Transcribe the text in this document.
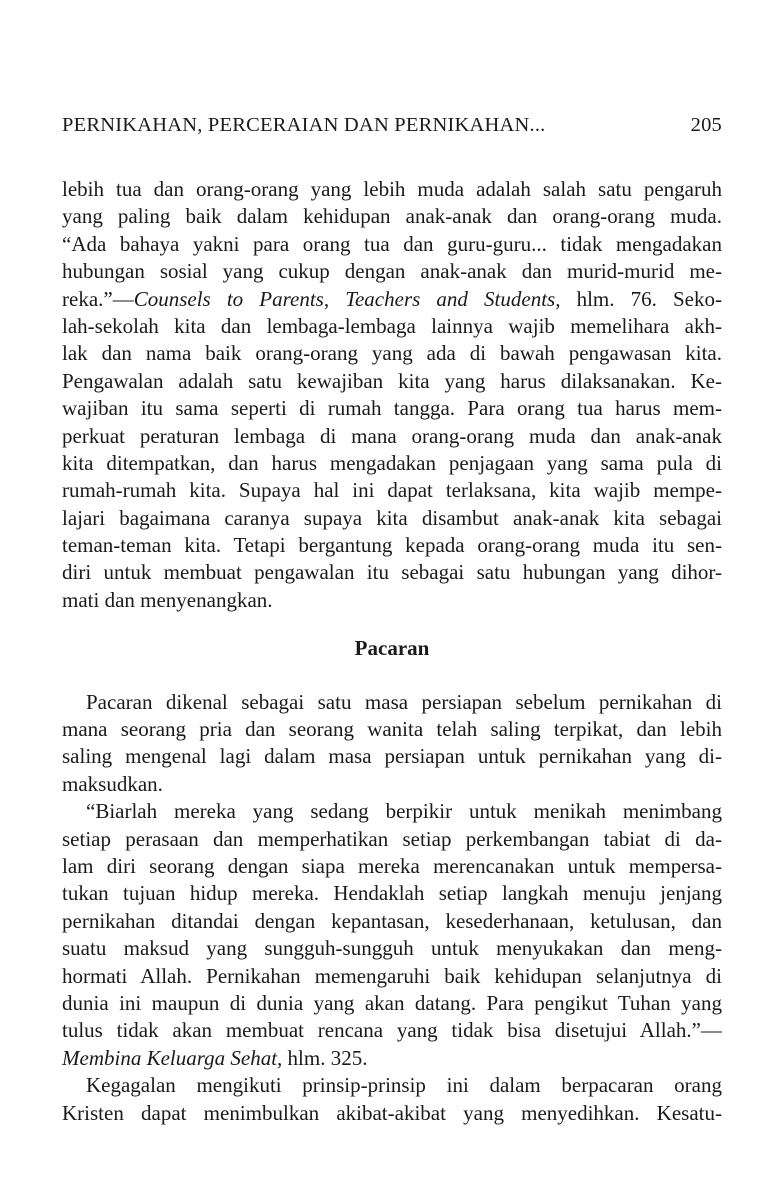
PERNIKAHAN, PERCERAIAN DAN PERNIKAHAN...	205
lebih tua dan orang-orang yang lebih muda adalah salah satu pengaruh
yang paling baik dalam kehidupan anak-anak dan orang-orang muda.
“Ada bahaya yakni para orang tua dan guru-guru... tidak mengadakan
hubungan sosial yang cukup dengan anak-anak dan murid-murid me-
reka.”—Counsels to Parents, Teachers and Students, hlm. 76. Seko-
lah-sekolah kita dan lembaga-lembaga lainnya wajib memelihara akh-
lak dan nama baik orang-orang yang ada di bawah pengawasan kita.
Pengawalan adalah satu kewajiban kita yang harus dilaksanakan. Ke-
wajiban itu sama seperti di rumah tangga. Para orang tua harus mem-
perkuat peraturan lembaga di mana orang-orang muda dan anak-anak
kita ditempatkan, dan harus mengadakan penjagaan yang sama pula di
rumah-rumah kita. Supaya hal ini dapat terlaksana, kita wajib mempe-
lajari bagaimana caranya supaya kita disambut anak-anak kita sebagai
teman-teman kita. Tetapi bergantung kepada orang-orang muda itu sen-
diri untuk membuat pengawalan itu sebagai satu hubungan yang dihor-
mati dan menyenangkan.
Pacaran
Pacaran dikenal sebagai satu masa persiapan sebelum pernikahan di
mana seorang pria dan seorang wanita telah saling terpikat, dan lebih
saling mengenal lagi dalam masa persiapan untuk pernikahan yang di-
maksudkan.
“Biarlah mereka yang sedang berpikir untuk menikah menimbang
setiap perasaan dan memperhatikan setiap perkembangan tabiat di da-
lam diri seorang dengan siapa mereka merencanakan untuk mempersa-
tukan tujuan hidup mereka. Hendaklah setiap langkah menuju jenjang
pernikahan ditandai dengan kepantasan, kesederhanaan, ketulusan, dan
suatu maksud yang sungguh-sungguh untuk menyukakan dan meng-
hormati Allah. Pernikahan memengaruhi baik kehidupan selanjutnya di
dunia ini maupun di dunia yang akan datang. Para pengikut Tuhan yang
tulus tidak akan membuat rencana yang tidak bisa disetujui Allah.”—
Membina Keluarga Sehat, hlm. 325.
Kegagalan mengikuti prinsip-prinsip ini dalam berpacaran orang
Kristen dapat menimbulkan akibat-akibat yang menyedihkan. Kesatu-
